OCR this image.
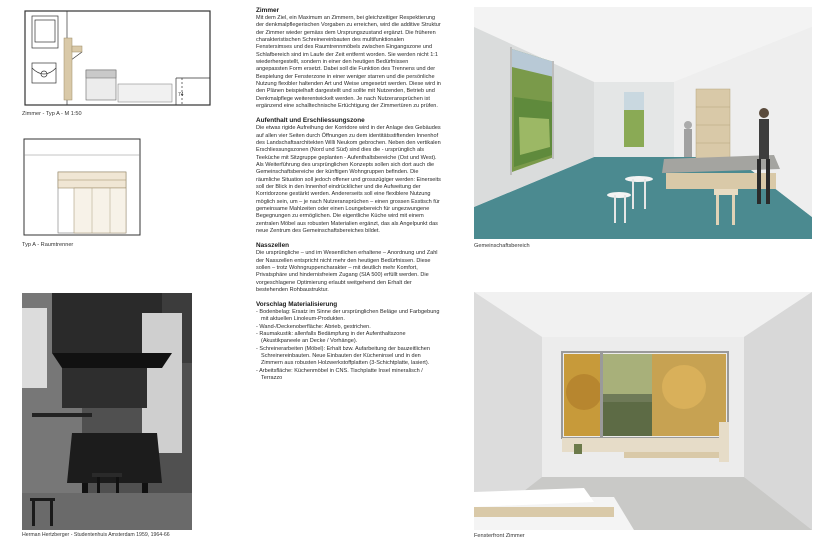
74
Zimmer - Typ A - M 1:50
Typ A - Raumtrenner
Herman Hertzberger - Studentenhuis Amsterdam 1959, 1964-66
Zimmer

Mit dem Ziel, ein Maximum an Zimmern, bei gleichzeitiger Respektierung der denkmalpflegerischen Vorgaben zu erreichen, wird die additive Struktur der Zimmer wieder gemäss dem Ursprungszustand ergänzt. Die früheren charakteristischen Schreinereinbauten des multifunktionalen Fenstersimses und des Raumtrennmöbels zwischen Eingangszone und Schlafbereich sind im Laufe der Zeit entfernt worden. Sie werden nicht 1:1 wiederhergestellt, sondern in einer den heutigen Bedürfnissen angepassten Form ersetzt. Dabei soll die Funktion des Trennens und der Bespielung der Fensterzone in einer weniger starren und die persönliche Nutzung flexibler haltenden Art und Weise umgesetzt werden. Diese wird in den Plänen beispielhaft dargestellt und sollte mit Nutzenden, Betrieb und Denkmalpflege weiterentwickelt werden. Je nach Nutzeransprüchen ist ergänzend eine schalltechnische Ertüchtigung der Zimmertüren zu prüfen.

Aufenthalt und Erschliessungszone

Die etwas rigide Aufreihung der Korridore wird in der Anlage des Gebäudes auf allen vier Seiten durch Öffnungen zu dem identitätsstiftenden Innenhof des Landschaftsarchitekten Willi Neukom gebrochen. Neben den vertikalen Erschliessungszonen (Nord und Süd) sind dies die - ursprünglich als Teeküche mit Sitzgruppe geplanten - Aufenthaltsbereiche (Ost und West). Als Weiterführung des ursprünglichen Konzepts sollen sich dort auch die Gemeinschaftsbereiche der künftigen Wohngruppen befinden. Die räumliche Situation soll jedoch offener und grosszügiger werden: Einerseits soll der Blick in den Innenhof eindrücklicher und die Aufweitung der Korridorzone gestärkt werden. Andererseits soll eine flexiblere Nutzung möglich sein, um – je nach Nutzeransprüchen – einen grossen Esstisch für gemeinsame Mahlzeiten oder einen Loungebereich für ungezwungene Begegnungen zu ermöglichen. Die eigentliche Küche wird mit einem zentralen Möbel aus robusten Materialien ergänzt, das als Angelpunkt das neue Zentrum des Gemeinschaftsbereiches bildet.

Nasszellen

Die ursprüngliche – und im Wesentlichen erhaltene – Anordnung und Zahl der Nasszellen entspricht nicht mehr den heutigen Bedürfnissen. Diese sollen – trotz Wohngruppencharakter – mit deutlich mehr Komfort, Privatsphäre und hindernisfreiem Zugang (SIA 500) erfüllt werden. Die vorgeschlagene Optimierung erlaubt weitgehend den Erhalt der bestehenden Rohbaustruktur.

Vorschlag Materialisierung
- Bodenbelag: Ersatz im Sinne der ursprünglichen Beläge und Farbgebung mit aktuellen Linoleum-Produkten.
- Wand-/Deckenoberfläche: Abrieb, gestrichen.
- Raumakustik: allenfalls Bedämpfung in der Aufenthaltszone (Akustikpaneele an Decke / Vorhänge).
- Schreinerarbeiten (Möbel): Erhalt bzw. Aufarbeitung der bauzeitlichen Schreinereinbauten. Neue Einbauten der Kücheninsel und in den Zimmern aus robusten Holzwerkstoffplatten (3-Schichtplatte, lasiert).
- Arbeitsfläche: Küchenmöbel in CNS. Tischplatte Insel mineralisch / Terrazzo
Gemeinschaftsbereich
Fensterfront Zimmer
